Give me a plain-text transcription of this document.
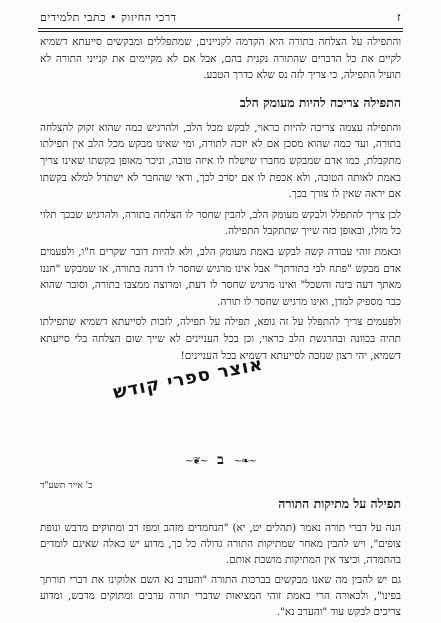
ז
דרכי החיזוק • כתבי תלמידים

והתפילה על הצלחה בתורה היא הקדמה לקניינים, שמתפללים ומבקשים סייעתא דשמיא לקיים את כל הדברים שהתורה נקנית בהם, אבל אם לא מקיימים את קנייני התורה לא תועיל התפילה, כי צריך לזה נס שלא כדרך הטבע.

התפילה צריכה להיות מעומק הלב

והתפילה עצמה צריכה להיות כראוי, לבקש מכל הלב, ולהרגיש כמה שהוא זקוק להצלחה בתורה, ועד כמה שהוא מסכן אם לא יזכה לתורה, ומי שאינו מבקש מכל הלב אין תפילתו מתקבלת, כמו אדם שמבקש מחברו שישלח לו איזה טובה, וניכר מאופן בקשתו שאינו צריך באמת לאותה הטובה, ולא אכפת לו אם יסרב לכך, ודאי שהחבר לא ישתדל למלא בקשתו אם יראה שאין לו צורך בכך.

לכן צריך להתפלל ולבקש מעומק הלב, להבין שחסר לו הצלחה בתורה, ולהרגיש שבכך תלוי כל מזלו, ובאופן כזה שייך שתתקבל התפילה.

ובאמת זוהי עבודה קשה לבקש באמת מעומק הלב, ולא להיות דובר שקרים ח"ו, ולפעמים אדם מבקש "פתח לבי בתורתך" אבל אינו מרגיש שחסר לו דרגה בתורה, או שמבקש "חננו מאתך דעה בינה והשכל" ואינו מרגיש שחסר לו דעת, ומרוצה ממצבו בתורה, וסובר שהוא כבר מספיק למדן, ואינו מרגיש שחסר לו תורה.

ולפעמים צריך להתפלל על זה גופא, תפילה על תפילה, לזכות לסייעתא דשמיא שתפילתו תהיה בכוונה ובהרגשת הלב כראוי, וכן בכל העניינים לא שייך שום הצלחה בלי סייעתא דשמיא, יהי רצון שנזכה לסייעתא דשמיא בכל העניינים!

אוצר ספרי קודש
~❦~ ב ~❧~
כ' אייר תשע"ד
תפילה על מתיקות התורה

הנה על דברי תורה נאמר (תהלים יט, יא) "הנחמדים מזהב ומפז רב ומתוקים מדבש ונופת צופים", ויש להבין מאחר שמתיקות התורה גדולה כל כך, מדוע יש כאלה שאינם לומדים בהתמדה, וכיצד אין המתיקות מושכת אותם.

גם יש להבין מה שאנו מבקשים בברכות התורה "והערב נא השם אלוקינו את דברי תורתך בפינו", ולכאורה הרי באמת זוהי המציאות שדברי תורה ערבים ומתוקים מדבש, ומדוע צריכים לבקש עוד "והערב נא".
